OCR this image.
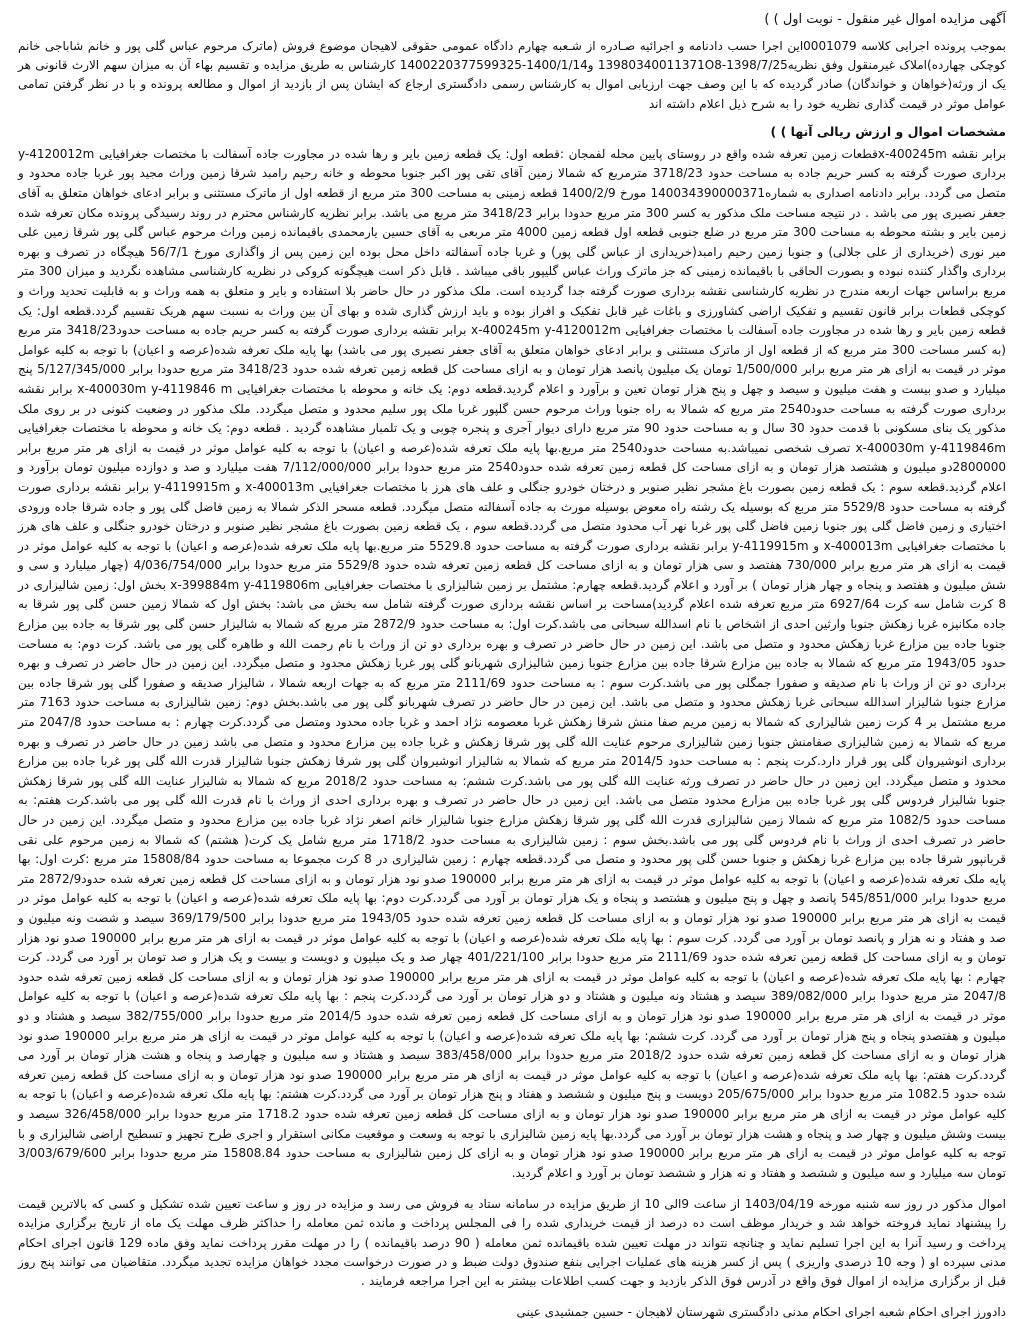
آگهی مزایده اموال غیر منقول - نوبت اول ) )

بموجب پرونده اجرایی کلاسه 0001079این اجرا حسب دادنامه و اجرائیه صـادره از شـعبه چهارم دادگاه عمومی حقوقی لاهیجان موضوع فروش (ماترک مرحوم عباس گلی پور و خانم شاباجی خانم کوچکی چهارده)املاک غیرمنقول وفق نظریه13980340011371O8-1398/7/25 و1400/1/14-1400220377599325 کارشناس به طریق مزایده و تقسیم بهاء آن به میزان سهم الارث قانونی هر یک از ورثه(خواهان و خواندگان) صادر گردیده که با این وصف جهت ارزیابی اموال به کارشناس رسمی دادگستری ارجاع که ایشان پس از بازدید از اموال و مطالعه پرونده و با در نظر گرفتن تمامی عوامل موثر در قیمت گذاری نظریه خود را به شرح ذیل اعلام داشته اند

مشخصات اموال و ارزش ریالی آنها ) )

برابر نقشه x-400245mقطعات زمین تعرفه شده واقع در روستای پایین محله لفمجان :قطعه اول: یک قطعه زمین بایر و رها شده در مجاورت جاده آسفالت با مختصات جغرافیایی y-4120012m برداری صورت گرفته به کسر حریم جاده به مساحت حدود 3718/23 مترمربع که شمالا زمین آقای تقی پور اکبر جنوبا محوطه و خانه رحیم رامبد شرقا زمین وراث مجید پور غربا جاده محدود و متصل می گردد. برابر دادنامه اصداری به شماره140034390000371 مورخ 1400/2/9 قطعه زمینی به مساحت 300 متر مربع از قطعه اول از ماترک مستثنی و برابر ادعای خواهان متعلق به آقای جعفر نصیری پور می باشد . در نتیجه مساحت ملک مذکور به کسر 300 متر مربع حدودا برابر 3418/23 متر مربع می باشد. برابر نظریه کارشناس محترم در روند رسیدگی پرونده مکان تعرفه شده زمین بایر و بشته محوطه به مساحت 300 متر مربع در ضلع جنوبی قطعه اول قطعه زمین 4000 متر مربعی به آقای حسین یارمحمدی باقیمانده زمین وراث مرحوم عباس گلی پور شرقا زمین علی میر نوری (خریداری از علی جلالی) و جنوبا زمین رحیم رامبد(خریداری از عباس گلی پور) و غربا جاده آسفالته داخل محل بوده این زمین پس از واگذاری مورخ 56/7/1 هیچگاه در تصرف و بهره برداری واگذار کننده نبوده و بصورت الحاقی با باقیمانده زمینی که جز ماترک وراث عباس گلیپور باقی میباشد . قابل ذکر است هیچگونه کروکی در نظریه کارشناسی مشاهده نگردید و میزان 300 متر مربع براساس جهات اربعه مندرج در نظریه کارشناسی نقشه برداری صورت گرفته جدا گردیده است. ملک مذکور در حال حاضر بلا استفاده و بایر و متعلق به همه وراث و به قابلیت تحدید وراث و کوچکی قطعات برابر قانون تقسیم و تفکیک اراضی کشاورزی و باغات غیر قابل تفکیک و افراز بوده و باید ارزش گذاری شده و بهای آن بین وراث به نسبت سهم هریک تقسیم گردد.قطعه اول: یک قطعه زمین بایر و رها شده در مجاورت جاده آسفالت با مختصات جغرافیایی x-400245m y-4120012m برابر نقشه برداری صورت گرفته به کسر حریم جاده به مساحت حدود3418/23 متر مربع (به کسر مساحت 300 متر مربع که از قطعه اول از ماترک مستثنی و برابر ادعای خواهان متعلق به آقای جعفر نصیری پور می باشد) بها پایه ملک تعرفه شده(عرصه و اعیان) با توجه به کلیه عوامل موثر در قیمت به ازای هر متر مربع برابر 1/500/000 تومان یک میلیون پانصد هزار تومان و به ازای مساحت کل قطعه زمین تعرفه شده حدود 3418/23 متر مربع حدودا برابر 5/127/345/000 پنج میلیارد و صدو بیست و هفت میلیون و سیصد و چهل و پنج هزار تومان تعین و برآورد و اعلام گردید.قطعه دوم: یک خانه و محوطه با مختصات جغرافیایی x-400030m y-4119846 m برابر نقشه برداری صورت گرفته به مساحت حدود2540 متر مربع که شمالا به راه جنوبا وراث مرحوم حسن گلپور غربا ملک پور سلیم محدود و متصل میگردد. ملک مذکور در وضعیت کنونی در بر روی ملک مذکور یک بنای مسکونی با قدمت حدود 30 سال و به مساحت حدود 90 متر مربع دارای دیوار آجری و پنجره چوبی و یک تلمبار مشاهده گردید . قطعه دوم: یک خانه و محوطه با مختصات جغرافیایی x-400030m y-4119846m تصرف شخصی نمیباشد.به مساحت حدود2540 متر مربع.بها پایه ملک تعرفه شده(عرصه و اعیان) با توجه به کلیه عوامل موثر در قیمت به ازای هر متر مربع برابر 2800000دو میلیون و هشتصد هزار تومان و به ازای مساحت کل قطعه زمین تعرفه شده حدود2540 متر مربع حدودا برابر 7/112/000/000 هفت میلیارد و صد و دوازده میلیون تومان برآورد و اعلام گردید.قطعه سوم : یک قطعه زمین بصورت باغ مشجر نظیر صنوبر و درختان خودرو جنگلی و علف های هرز با مختصات جغرافیایی x-400013m و y-4119915m برابر نقشه برداری صورت گرفته به مساحت حدود 5529/8 متر مربع که بوسیله یک رشته راه معوض بوسیله مورث به جاده آسفالته متصل میگردد. قطعه مسحر الذکر شمالا به زمین فاضل گلی پور و جاده شرقا جاده ورودی اختیاری و زمین فاضل گلی پور جنوبا زمین فاضل گلی پور غربا نهر آب محدود متصل می گردد.قطعه سوم ، یک قطعه زمین بصورت باغ مشجر نظیر صنوبر و درختان خودرو جنگلی و علف های هرز با مختصات جغرافیایی x-400013m و y-4119915m برابر نقشه برداری صورت گرفته به مساحت حدود 5529.8 متر مربع.بها پایه ملک تعرفه شده(عرصه و اعیان) با توجه به کلیه عوامل موثر در قیمت به ازای هر متر مربع برابر 730/000 هفتصد و سی هزار تومان و به ازای مساحت کل قطعه زمین تعرفه شده حدود 5529/8 متر مربع حدودا برابر 4/036/754/000 (چهار میلیارد و سی و شش میلیون و هفتصد و پنجاه و چهار هزار تومان ) بر آورد و اعلام گردید.قطعه چهارم: مشتمل بر زمین شالیزاری با مختصات جغرافیایی x-399884m y-4119806m بخش اول: زمین شالیزاری در 8 کرت شامل سه کرت 6927/64 متر مربع تعرفه شده اعلام گردید)مساحت بر اساس نقشه برداری صورت گرفته شامل سه بخش می باشد: بخش اول که شمالا زمین حسن گلی پور شرقا به جاده مکانیزه غربا زهکش جنوبا وارثین احدی از اشخاص با نام اسدالله سبحانی می باشد.کرت اول: به مساحت حدود 2872/9 متر مربع که شمالا به شالیزار حسن گلی پور شرقا به جاده بین مزارع جنوبا جاده بین مزارع غربا زهکش محدود و متصل می باشد. این زمین در حال حاضر در تصرف و بهره برداری دو تن از وراث با نام رحمت الله و طاهره گلی پور می باشد. کرت دوم: به مساحت حدود 1943/05 متر مربع که شمالا به جاده بین مزارع شرقا جاده بین مزارع جنوبا زمین شالیزاری شهربانو گلی پور غربا زهکش محدود و متصل میگردد. این زمین در حال حاضر در تصرف و بهره برداری دو تن از وراث با نام صدیقه و صفورا جمگلی پور می باشد.کرت سوم : به مساحت حدود 2111/69 متر مربع که به جهات اربعه شمالا ، شالیزار صدیقه و صفورا گلی پور شرقا جاده بین مزارع جنوبا شالیزار اسدالله سبحانی غربا زهکش محدود و متصل می باشد. این زمین در حال حاضر در تصرف شهربانو گلی پور می باشد.بخش دوم: زمین شالیزاری به مساحت حدود 7163 متر مربع مشتمل بر 4 کرت زمین شالیزاری که شمالا به زمین مریم صفا منش شرقا زهکش غربا معصومه نژاد احمد و غربا جاده محدود ومتصل می گردد.کرت چهارم : به مساحت حدود 2047/8 متر مربع که شمالا به زمین شالیزاری صفامنش جنوبا زمین شالیزاری مرحوم عنایت الله گلی پور شرقا زهکش و غربا جاده بین مزارع محدود و متصل می باشد زمین در حال حاضر در تصرف و بهره برداری انوشیروان گلی پور قرار دارد.کرت پنجم : به مساحت حدود 2014/5 متر مربع که شمالا به شالیزار انوشیروان گلی پور شرقا زهکش جنوبا شالیزار قدرت الله گلی پور غربا جاده بین مزارع محدود و متصل میگردد. این زمین در حال حاضر در تصرف ورثه عنایت الله گلی پور می باشد.کرت ششم: به مساحت حدود 2018/2 مربع که شمالا به شالیزار عنایت الله گلی پور شرقا زهکش جنوبا شالیزار فردوس گلی پور غربا جاده بین مزارع محدود متصل می باشد. این زمین در حال حاضر در تصرف و بهره برداری احدی از وراث با نام قدرت الله گلی پور می باشد.کرت هفتم: به مساحت حدود 1082/5 متر مربع که شمالا زمین شالیزاری قدرت الله گلی پور شرقا زهکش مزارع جنوبا شالیزار خانم اصغر نژاد غربا جاده بین مزارع محدود و متصل میگردد. این زمین در حال حاضر در تصرف احدی از وراث با نام فردوس گلی پور می باشد.بخش سوم : زمین شالیزاری به مساحت حدود 1718/2 متر مربع شامل یک کرت( هشتم) که شمالا به زمین مرحوم علی نقی قربانپور شرقا جاده بین مزارع غربا زهکش و جنوبا حسن گلی پور محدود و متصل می گردد.قطعه چهارم : زمین شالیزاری در 8 کرت مجموعا به مساحت حدود 15808/84 متر مربع :کرت اول: بها پایه ملک تعرفه شده(عرصه و اعیان) با توجه به کلیه عوامل موثر در قیمت به ازای هر متر مربع برابر 190000 صدو نود هزار تومان و به ازای مساحت کل قطعه زمین تعرفه شده حدود2872/9 متر مربع حدودا برابر 545/851/000 پانصد و چهل و پنج میلیون و هشتصد و پنجاه و یک هزار تومان بر آورد می گردد.کرت دوم: بها پایه ملک تعرفه شده(عرصه و اعیان) با توجه به کلیه عوامل موثر در قیمت به ازای هر متر مربع برابر 190000 صدو نود هزار تومان و به ازای مساحت کل قطعه زمین تعرفه شده حدود 1943/05 متر مربع حدودا برابر 369/179/500 سیصد و شصت ونه میلیون و صد و هفتاد و نه هزار و پانصد تومان بر آورد می گردد. کرت سوم : بها پایه ملک تعرفه شده(عرصه و اعیان) با توجه به کلیه عوامل موثر در قیمت به ازای هر متر مربع برابر 190000 صدو نود هزار تومان و به ازای مساحت کل قطعه زمین تعرفه شده حدود 2111/69 متر مربع حدودا برابر 401/221/100 چهار صد و یک میلیون و دویست و بیست و یک هزار و صد تومان بر آورد می گردد. کرت چهارم : بها پایه ملک تعرفه شده(عرصه و اعیان) با توجه به کلیه عوامل موثر در قیمت به ازای هر متر مربع برابر 190000 صدو نود هزار تومان و به ازای مساحت کل قطعه زمین تعرفه شده حدود 2047/8 متر مربع حدودا برابر 389/082/000 سیصد و هشتاد ونه میلیون و هشتاد و دو هزار تومان بر آورد می گردد.کرت پنجم : بها پایه ملک تعرفه شده(عرصه و اعیان) با توجه به کلیه عوامل موثر در قیمت به ازای هر متر مربع برابر 190000 صدو نود هزار تومان و به ازای مساحت کل قطعه زمین تعرفه شده حدود 2014/5 متر مربع حدودا برابر 382/755/000 سیصد و هشتاد و دو میلیون و هفتصدو پنجاه و پنج هزار تومان بر آورد می گردد. کرت ششم: بها پایه ملک تعرفه شده(عرصه و اعیان) با توجه به کلیه عوامل موثر در قیمت به ازای هر متر مربع برابر 190000 صدو نود هزار تومان و به ازای مساحت کل قطعه زمین تعرفه شده حدود 2018/2 متر مربع حدودا برابر 383/458/000 سیصد و هشتاد و سه میلیون و چهارصد و پنجاه و هشت هزار تومان بر آورد می گردد.کرت هفتم: بها پایه ملک تعرفه شده(عرصه و اعیان) با توجه به کلیه عوامل موثر در قیمت به ازای هر متر مربع برابر 190000 صدو نود هزار تومان و به ازای مساحت کل قطعه زمین تعرفه شده حدود 1082.5 متر مربع حدودا برابر 205/675/000 دویست و پنج میلیون و ششصد و هفتاد و پنج هزار تومان بر آورد می گردد.کرت هشتم: بها پایه ملک تعرفه شده(عرصه و اعیان) با توجه به کلیه عوامل موثر در قیمت به ازای هر متر مربع برابر 190000 صدو نود هزار تومان و به ازای مساحت کل قطعه زمین تعرفه شده حدود 1718.2 متر مربع حدودا برابر 326/458/000 سیصد و بیست وشش میلیون و چهار صد و پنجاه و هشت هزار تومان بر آورد می گردد.بها پایه زمین شالیزاری با توجه به وسعت و موقعیت مکانی استقرار و اجری طرح تجهیز و تسطیح اراضی شالیزاری و با توجه به کلیه عوامل موثر در قیمت به ازای هر متر مربع برابر 190000 صدو نود هزار تومان و به ازای کل زمین شالیزاری به مساحت حدود 15808.84 متر مربع حدودا برابر 3/003/679/600 تومان سه میلیارد و سه میلیون و ششصد و هفتاد و نه هزار و ششصد تومان بر آورد و اعلام گردید.

اموال مذکور در روز سه شنبه مورخه 1403/04/19 از ساعت 9الی 10 از طریق مزایده در سامانه ستاد به فروش می رسد و مزایده در روز و ساعت تعیین شده تشکیل و کسی که بالاترین قیمت را پیشنهاد نماید فروخته خواهد شد و خریدار موظف است ده درصد از قیمت خریداری شده را فی المجلس پرداخت و مانده ثمن معامله را حداکثر ظرف مهلت یک ماه از تاریخ برگزاری مزایده پرداخت و رسید آنرا به این اجرا تسلیم نماید و چنانچه نتواند در مهلت تعیین شده باقیمانده ثمن معامله ( 90 درصد باقیمانده ) را در مهلت مقرر پرداخت نماید وفق ماده 129 قانون اجرای احکام مدنی سپرده او ( وجه 10 درصدی واریزی ) پس از کسر هزینه های عملیات اجرایی بنفع صندوق دولت ضبط و در صورت درخواست مجدد خواهان مزایده تجدید میگردد. متقاضیان می توانند پنج روز قبل از برگزاری مزایده از اموال فوق واقع در آدرس فوق الذکر بازدید و جهت کسب اطلاعات بیشتر به این اجرا مراجعه فرمایند .

دادورز اجرای احکام شعبه اجرای احکام مدنی دادگستری شهرستان لاهیجان - حسین جمشیدی عینی
